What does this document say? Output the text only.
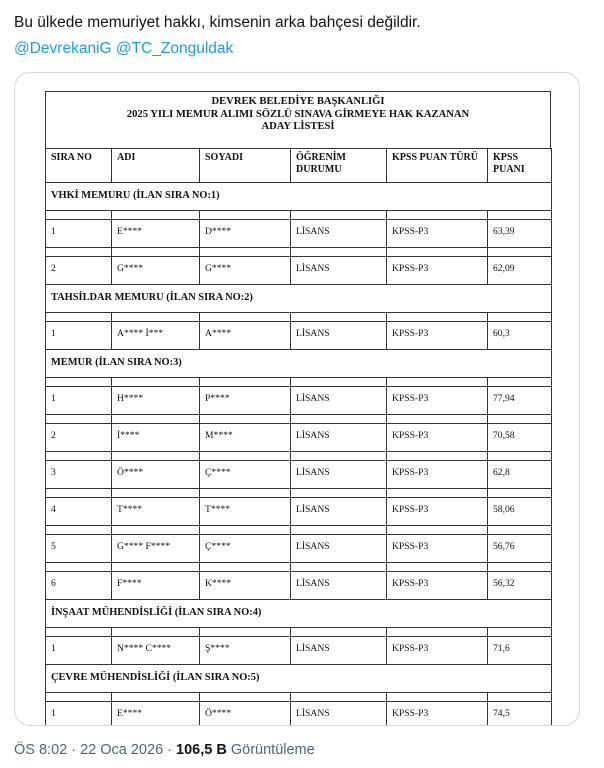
Bu ülkede memuriyet hakkı, kimsenin arka bahçesi değildir.
@DevrekaniG @TC_Zonguldak
DEVREK BELEDİYE BAŞKANLIĞI
2025 YILI MEMUR ALIMI SÖZLÜ SINAVA GİRMEYE HAK KAZANAN
ADAY LİSTESİ
SIRA NO	ADI	SOYADI	ÖĞRENİM DURUMU	KPSS PUAN TÜRÜ	KPSS PUANI
VHKİ MEMURU (İLAN SIRA NO:1)					

1	E****	D****	LİSANS	KPSS-P3	63,39

2	G****	G****	LİSANS	KPSS-P3	62,09
TAHSİLDAR MEMURU (İLAN SIRA NO:2)					

1	A**** İ***	A****	LİSANS	KPSS-P3	60,3
MEMUR (İLAN SIRA NO:3)					

1	H****	P****	LİSANS	KPSS-P3	77,94

2	İ****	M****	LİSANS	KPSS-P3	70,58

3	Ö****	Ç****	LİSANS	KPSS-P3	62,8

4	T****	T****	LİSANS	KPSS-P3	58,06

5	G**** F****	Ç****	LİSANS	KPSS-P3	56,76

6	F****	K****	LİSANS	KPSS-P3	56,32
İNŞAAT MÜHENDİSLİĞİ (İLAN SIRA NO:4)					

1	N**** C****	Ş****	LİSANS	KPSS-P3	71,6
ÇEVRE MÜHENDİSLİĞİ (İLAN SIRA NO:5)					

1	E****	Ö****	LİSANS	KPSS-P3	74,5

ÖS 8:02 · 22 Oca 2026 · 106,5 B Görüntüleme
